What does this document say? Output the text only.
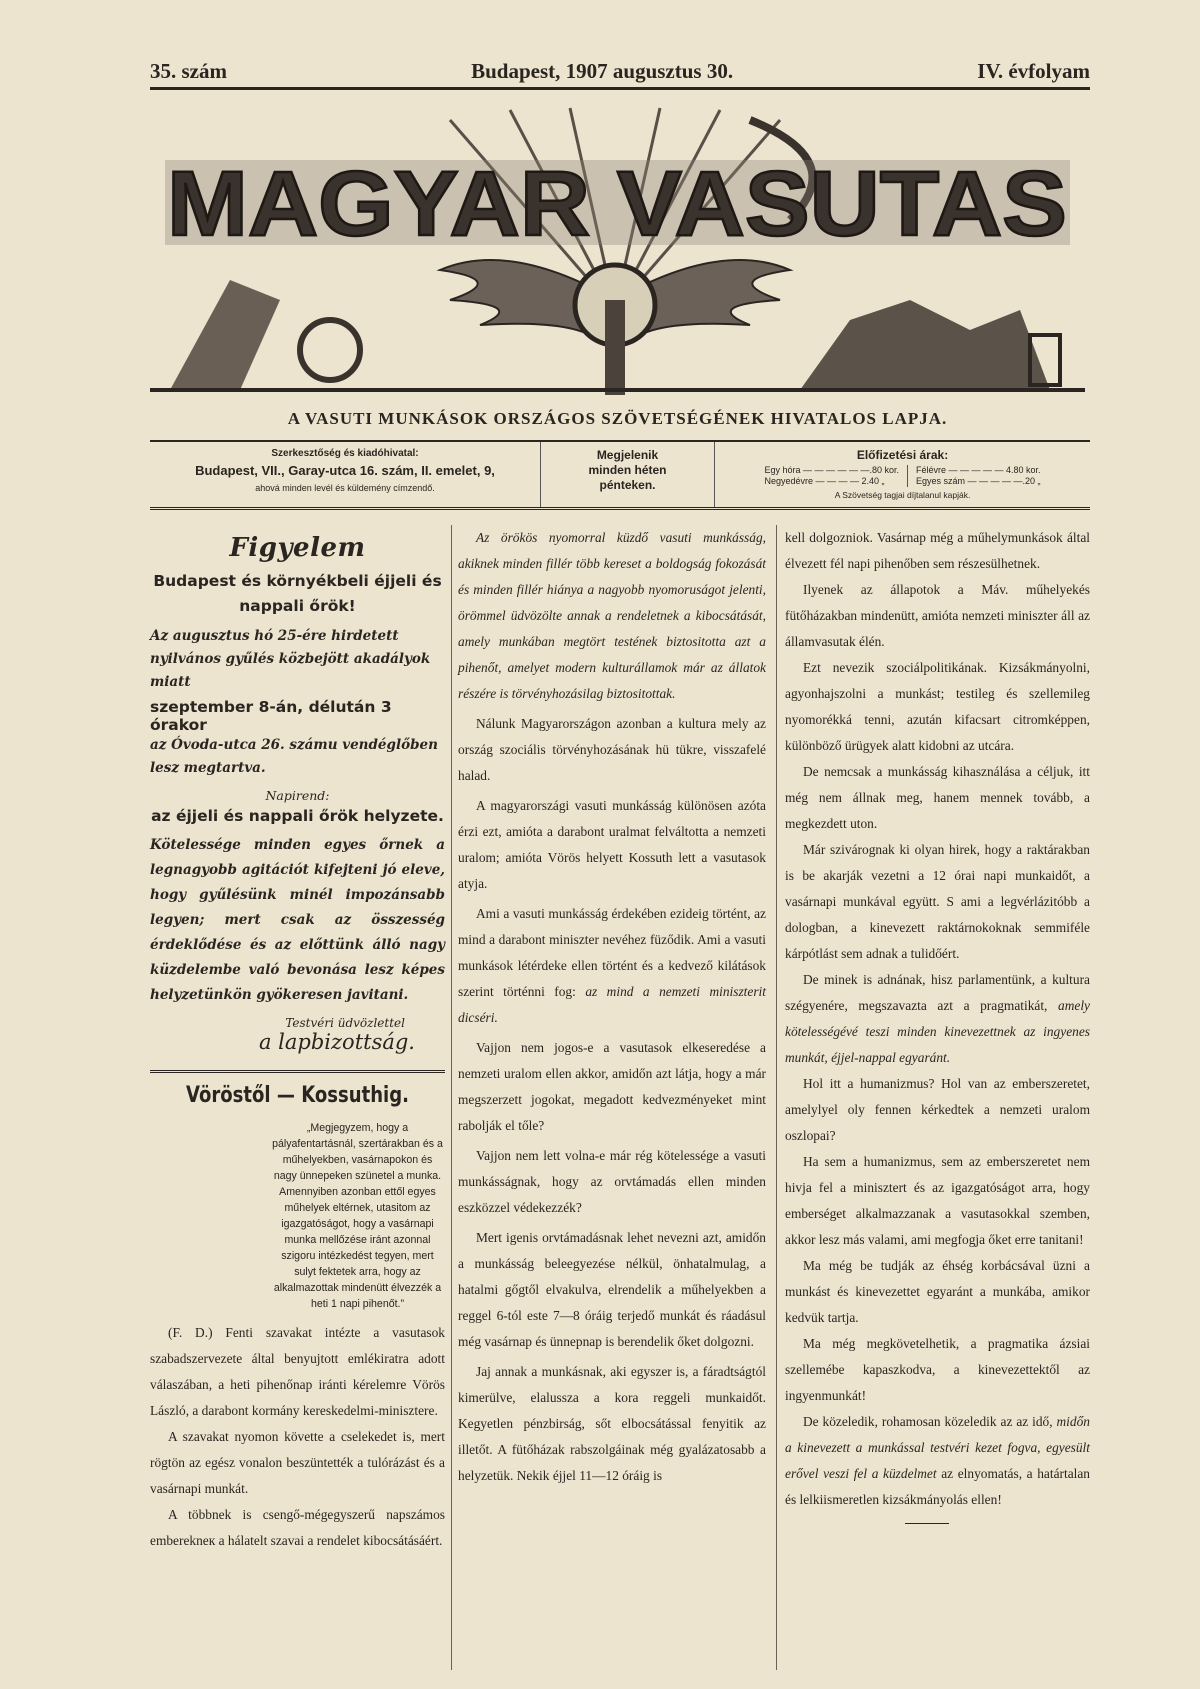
35. szám	Budapest, 1907 augusztus 30.	IV. évfolyam
MAGYAR VASUTAS
A VASUTI MUNKÁSOK ORSZÁGOS SZÖVETSÉGÉNEK HIVATALOS LAPJA.
Szerkesztőség és kiadóhivatal:
Budapest, VII., Garay-utca 16. szám, II. emelet, 9,
ahová minden levél és küldemény címzendő.
Megjelenik
minden héten
pénteken.
Előfizetési árak:
Egy hóra — — — — — —.80 kor.
Negyedévre — — — — 2.40 „
Félévre — — — — — 4.80 kor.
Egyes szám — — — — —.20 „
A Szövetség tagjai díjtalanul kapják.
Figyelem
Budapest és környékbeli éjjeli és nappali őrök!
Az augusztus hó 25-ére hirdetett nyilvános gyűlés közbejött akadályok miatt
szeptember 8-án, délután 3 órakor
az Óvoda-utca 26. számu vendéglőben lesz megtartva.
Napirend:
az éjjeli és nappali őrök helyzete.
Kötelessége minden egyes őrnek a legnagyobb agitációt kifejteni jó eleve, hogy gyűlésünk minél impozánsabb legyen; mert csak az összesség érdeklődése és az előttünk álló nagy küzdelembe való bevonása lesz képes helyzetünkön gyökeresen javitani.
Testvéri üdvözlettel
a lapbizottság.
Vöröstől — Kossuthig.
„Megjegyzem, hogy a pályafentartásnál, szertárakban és a műhelyekben, vasárnapokon és nagy ünnepeken szünetel a munka. Amennyiben azonban ettől egyes műhelyek eltérnek, utasitom az igazgatóságot, hogy a vasárnapi munka mellőzése iránt azonnal szigoru intézkedést tegyen, mert sulyt fektetek arra, hogy az alkalmazottak mindenütt élvezzék a heti 1 napi pihenőt.”
(F. D.) Fenti szavakat intézte a vasutasok szabadszervezete által benyujtott emlékiratra adott válaszában, a heti pihenőnap iránti kérelemre Vörös László, a darabont kormány kereskedelmi-minisztere.
A szavakat nyomon követte a cselekedet is, mert rögtön az egész vonalon beszüntették a tulórázást és a vasárnapi munkát.
A többnek is csengő-mégegyszerű napszámos emberekneк a hálatelt szavai a rendelet kibocsátásáért.
Az örökös nyomorral küzdő vasuti munkásság, akiknek minden fillér több kereset a boldogság fokozását és minden fillér hiánya a nagyobb nyomoruságot jelenti, örömmel üdvözölte annak a rendeletnek a kibocsátását, amely munkában megtört testének biztositotta azt a pihenőt, amelyet modern kulturállamok már az állatok részére is törvényhozásilag biztositottak.
Nálunk Magyarországon azonban a kultura mely az ország szociális törvényhozásának hü tükre, visszafelé halad.
A magyarországi vasuti munkásság különösen azóta érzi ezt, amióta a darabont uralmat felváltotta a nemzeti uralom; amióta Vörös helyett Kossuth lett a vasutasok atyja.
Ami a vasuti munkásság érdekében ezideig történt, az mind a darabont miniszter nevéhez füződik. Ami a vasuti munkások létérdeke ellen történt és a kedvező kilátások szerint történni fog: az mind a nemzeti miniszterit dicséri.
Vajjon nem jogos-e a vasutasok elkeseredése a nemzeti uralom ellen akkor, amidőn azt látja, hogy a már megszerzett jogokat, megadott kedvezményeket mint rabolják el tőle?
Vajjon nem lett volna-e már rég kötelessége a vasuti munkásságnak, hogy az orvtámadás ellen minden eszközzel védekezzék?
Mert igenis orvtámadásnak lehet nevezni azt, amidőn a munkásság beleegyezése nélkül, önhatalmulag, a hatalmi gőgtől elvakulva, elrendelik a műhelyekben a reggel 6-tól este 7—8 óráig terjedő munkát és ráadásul még vasárnap és ünnepnap is berendelik őket dolgozni.
Jaj annak a munkásnak, aki egyszer is, a fáradtságtól kimerülve, elalussza a kora reggeli munkaidőt. Kegyetlen pénzbirság, sőt elbocsátással fenyitik az illetőt. A fütőházak rabszolgáinak még gyalázatosabb a helyzetük. Nekik éjjel 11—12 óráig is
kell dolgozniok. Vasárnap még a műhelymunkások által élvezett fél napi pihenőben sem részesülhetnek.
Ilyenek az állapotok a Máv. műhelyekés fütőházakban mindenütt, amióta nemzeti miniszter áll az államvasutak élén.
Ezt nevezik szociálpolitikának. Kizsákmányolni, agyonhajszolni a munkást; testileg és szellemileg nyomorékká tenni, azután kifacsart citromképpen, különböző ürügyek alatt kidobni az utcára.
De nemcsak a munkásság kihasználása a céljuk, itt még nem állnak meg, hanem mennek tovább, a megkezdett uton.
Már szivárognak ki olyan hirek, hogy a raktárakban is be akarják vezetni a 12 órai napi munkaidőt, a vasárnapi munkával együtt. S ami a legvérlázitóbb a dologban, a kinevezett raktárnokoknak semmiféle kárpótlást sem adnak a tulidőért.
De minek is adnának, hisz parlamentünk, a kultura szégyenére, megszavazta azt a pragmatikát, amely kötelességévé teszi minden kinevezettnek az ingyenes munkát, éjjel-nappal egyaránt.
Hol itt a humanizmus? Hol van az emberszeretet, amelylyel oly fennen kérkedtek a nemzeti uralom oszlopai?
Ha sem a humanizmus, sem az emberszeretet nem hivja fel a minisztert és az igazgatóságot arra, hogy emberséget alkalmazzanak a vasutasokkal szemben, akkor lesz más valami, ami megfogja őket erre tanitani!
Ma még be tudják az éhség korbácsával üzni a munkást és kinevezettet egyaránt a munkába, amikor kedvük tartja.
Ma még megkövetelhetik, a pragmatika ázsiai szellemébe kapaszkodva, a kinevezettektől az ingyenmunkát!
De közeledik, rohamosan közeledik az az idő, midőn a kinevezett a munkással testvéri kezet fogva, egyesült erővel veszi fel a küzdelmet az elnyomatás, a határtalan és lelkiismeretlen kizsákmányolás ellen!
